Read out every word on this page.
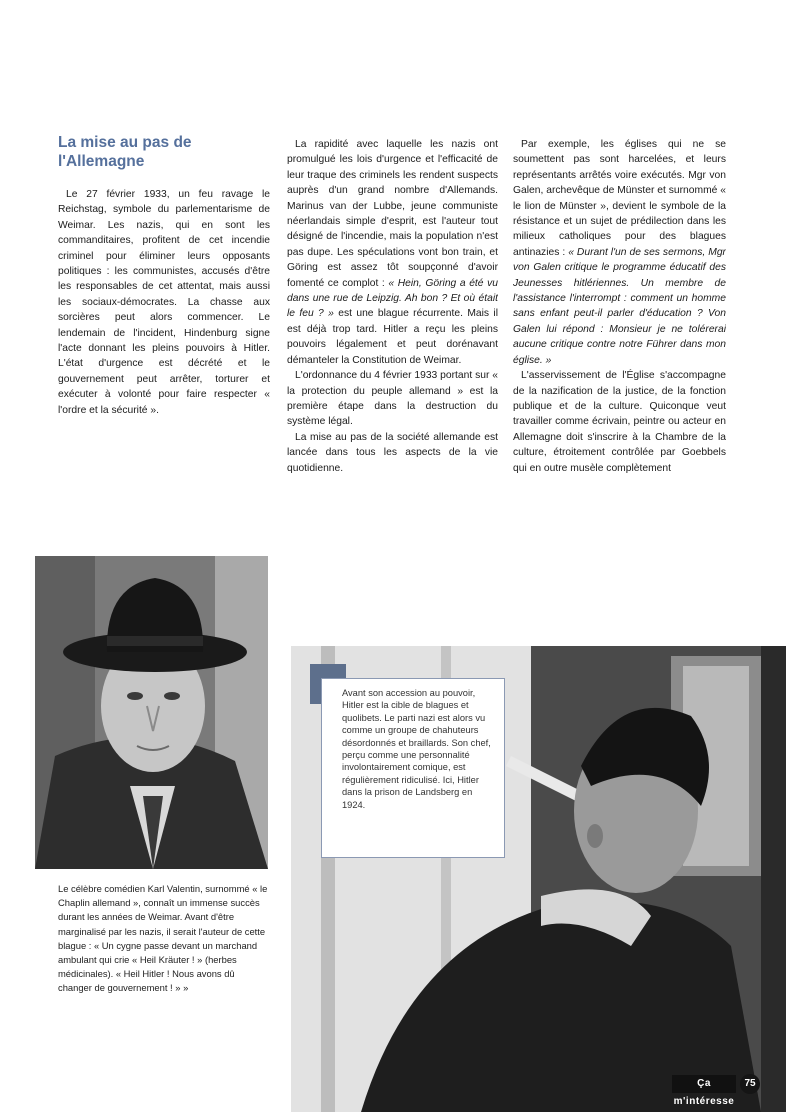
La mise au pas de l'Allemagne

Le 27 février 1933, un feu ravage le Reichstag, symbole du parlementarisme de Weimar. Les nazis, qui en sont les commanditaires, profitent de cet incendie criminel pour éliminer leurs opposants politiques : les communistes, accusés d'être les responsables de cet attentat, mais aussi les sociaux-démocrates. La chasse aux sorcières peut alors commencer. Le lendemain de l'incident, Hindenburg signe l'acte donnant les pleins pouvoirs à Hitler. L'état d'urgence est décrété et le gouvernement peut arrêter, torturer et exécuter à volonté pour faire respecter « l'ordre et la sécurité ».

La rapidité avec laquelle les nazis ont promulgué les lois d'urgence et l'efficacité de leur traque des criminels les rendent suspects auprès d'un grand nombre d'Allemands. Marinus van der Lubbe, jeune communiste néerlandais simple d'esprit, est l'auteur tout désigné de l'incendie, mais la population n'est pas dupe. Les spéculations vont bon train, et Göring est assez tôt soupçonné d'avoir fomenté ce complot : « Hein, Göring a été vu dans une rue de Leipzig. Ah bon ? Et où était le feu ? » est une blague récurrente. Mais il est déjà trop tard. Hitler a reçu les pleins pouvoirs légalement et peut dorénavant démanteler la Constitution de Weimar.

L'ordonnance du 4 février 1933 portant sur « la protection du peuple allemand » est la première étape dans la destruction du système légal.

La mise au pas de la société allemande est lancée dans tous les aspects de la vie quotidienne.

Par exemple, les églises qui ne se soumettent pas sont harcelées, et leurs représentants arrêtés voire exécutés. Mgr von Galen, archevêque de Münster et surnommé « le lion de Münster », devient le symbole de la résistance et un sujet de prédilection dans les milieux catholiques pour des blagues antinazies : « Durant l'un de ses sermons, Mgr von Galen critique le programme éducatif des Jeunesses hitlériennes. Un membre de l'assistance l'interrompt : comment un homme sans enfant peut-il parler d'éducation ? Von Galen lui répond : Monsieur je ne tolérerai aucune critique contre notre Führer dans mon église. »

L'asservissement de l'Église s'accompagne de la nazification de la justice, de la fonction publique et de la culture. Quiconque veut travailler comme écrivain, peintre ou acteur en Allemagne doit s'inscrire à la Chambre de la culture, étroitement contrôlée par Goebbels qui en outre musèle complètement

Le célèbre comédien Karl Valentin, surnommé « le Chaplin allemand », connaît un immense succès durant les années de Weimar. Avant d'être marginalisé par les nazis, il serait l'auteur de cette blague : « Un cygne passe devant un marchand ambulant qui crie « Heil Kräuter ! » (herbes médicinales). « Heil Hitler ! Nous avons dû changer de gouvernement ! » »
Avant son accession au pouvoir, Hitler est la cible de blagues et quolibets. Le parti nazi est alors vu comme un groupe de chahuteurs désordonnés et braillards. Son chef, perçu comme une personnalité involontairement comique, est régulièrement ridiculisé. Ici, Hitler dans la prison de Landsberg en 1924.
Ça m'intéresse
75
